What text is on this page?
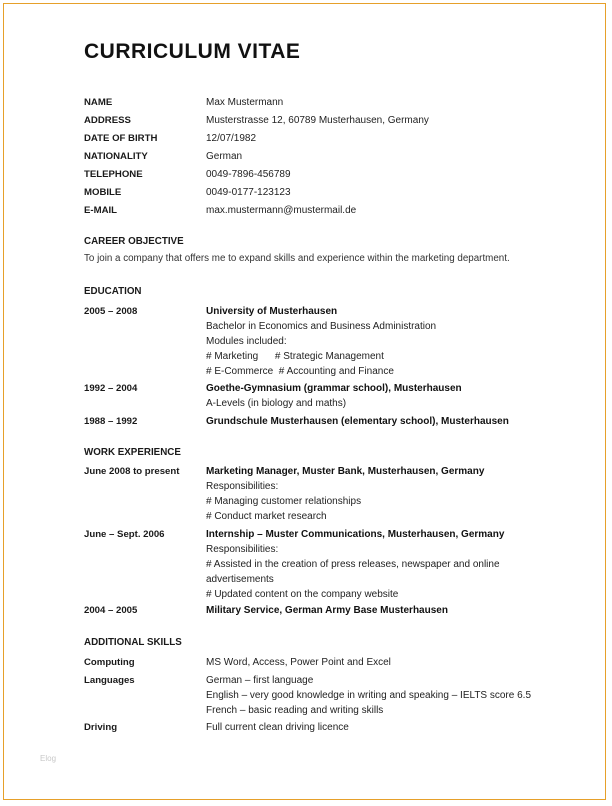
CURRICULUM VITAE
NAME	Max Mustermann
ADDRESS	Musterstrasse 12, 60789 Musterhausen, Germany
DATE OF BIRTH	12/07/1982
NATIONALITY	German
TELEPHONE	0049-7896-456789
MOBILE	0049-0177-123123
E-MAIL	max.mustermann@mustermail.de
CAREER OBJECTIVE
To join a company that offers me to expand skills and experience within the marketing department.
EDUCATION
2005 – 2008	University of Musterhausen
Bachelor in Economics and Business Administration
Modules included:
# Marketing      # Strategic Management
# E-Commerce  # Accounting and Finance
1992 – 2004	Goethe-Gymnasium (grammar school), Musterhausen
A-Levels (in biology and maths)
1988 – 1992	Grundschule Musterhausen (elementary school), Musterhausen
WORK EXPERIENCE
June 2008 to present	Marketing Manager, Muster Bank, Musterhausen, Germany
Responsibilities:
# Managing customer relationships
# Conduct market research
June – Sept. 2006	Internship – Muster Communications, Musterhausen, Germany
Responsibilities:
# Assisted in the creation of press releases, newspaper and online
advertisements
# Updated content on the company website
2004 – 2005	Military Service, German Army Base Musterhausen
ADDITIONAL SKILLS
Computing	MS Word, Access, Power Point and Excel
Languages	German – first language
English – very good knowledge in writing and speaking – IELTS score 6.5
French – basic reading and writing skills
Driving	Full current clean driving licence
Elog
